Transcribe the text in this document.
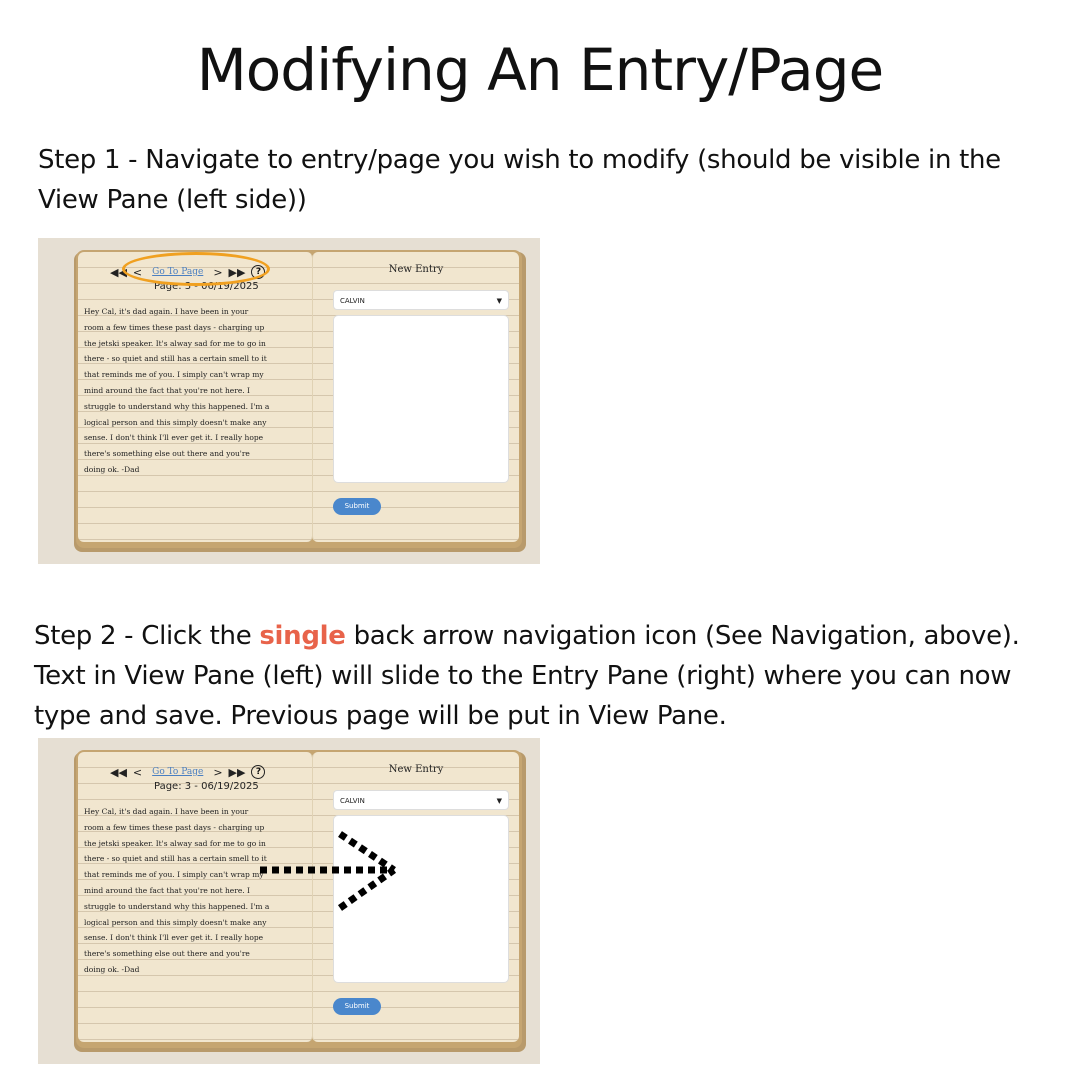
Modifying An Entry/Page
Step 1 - Navigate to entry/page you wish to modify (should be visible in the View Pane (left side))
◀◀ < Go To Page > ▶▶	?
Page: 3 - 06/19/2025
Hey Cal, it's dad again. I have been in your room a few times these past days - charging up the jetski speaker. It's alway sad for me to go in there - so quiet and still has a certain smell to it that reminds me of you. I simply can't wrap my mind around the fact that you're not here. I struggle to understand why this happened. I'm a logical person and this simply doesn't make any sense. I don't think I'll ever get it. I really hope there's something else out there and you're doing ok. -Dad
New Entry
CALVIN	▼
Submit
Step 2 - Click the single back arrow navigation icon (See Navigation, above). Text in View Pane (left) will slide to the Entry Pane (right) where you can now type and save. Previous page will be put in View Pane.
◀◀ < Go To Page > ▶▶	?
Page: 3 - 06/19/2025
Hey Cal, it's dad again. I have been in your room a few times these past days - charging up the jetski speaker. It's alway sad for me to go in there - so quiet and still has a certain smell to it that reminds me of you. I simply can't wrap my mind around the fact that you're not here. I struggle to understand why this happened. I'm a logical person and this simply doesn't make any sense. I don't think I'll ever get it. I really hope there's something else out there and you're doing ok. -Dad
New Entry
CALVIN	▼
Submit
